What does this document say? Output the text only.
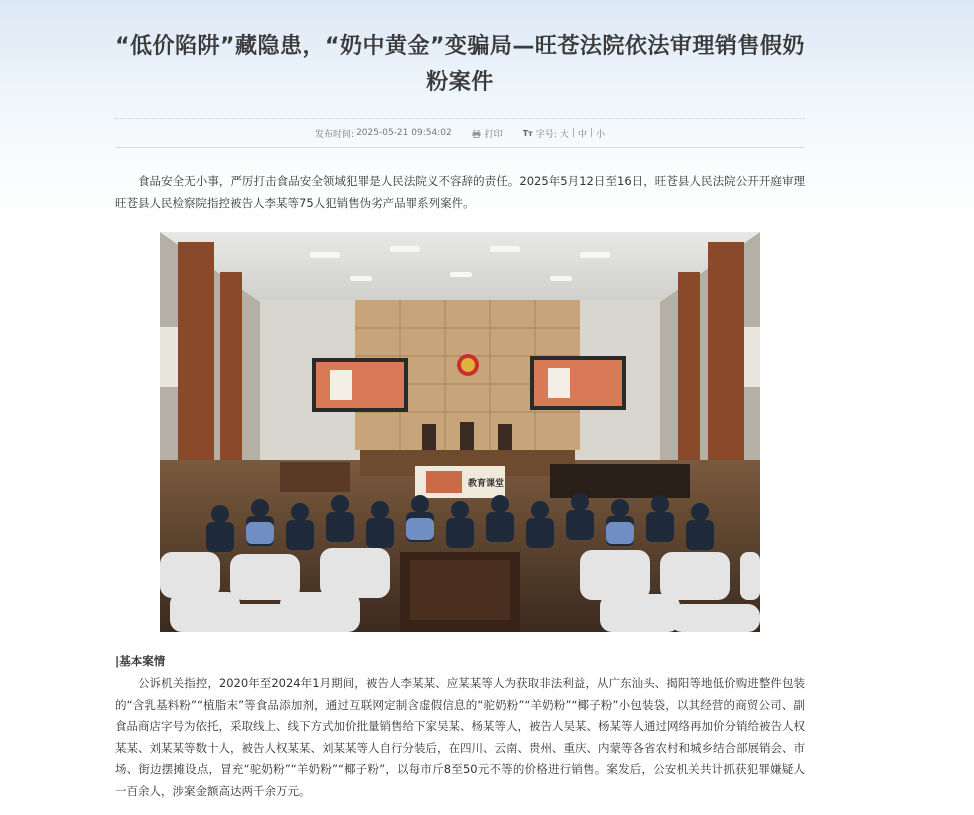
“低价陷阱”藏隐患，“奶中黄金”变骗局—旺苍法院依法审理销售假奶粉案件
发布时间: 2025-05-21 09:54:02	打印	Tт 字号: 大 | 中 | 小

食品安全无小事，严厉打击食品安全领域犯罪是人民法院义不容辞的责任。2025年5月12日至16日，旺苍县人民法院公开开庭审理旺苍县人民检察院指控被告人李某等75人犯销售伪劣产品罪系列案件。

教育课堂
|基本案情

公诉机关指控，2020年至2024年1月期间，被告人李某某、应某某等人为获取非法利益，从广东汕头、揭阳等地低价购进整件包装的“含乳基料粉”“植脂末”等食品添加剂，通过互联网定制含虚假信息的“驼奶粉”“羊奶粉”“椰子粉”小包装袋，以其经营的商贸公司、副食品商店字号为依托，采取线上、线下方式加价批量销售给下家吴某、杨某等人，被告人吴某、杨某等人通过网络再加价分销给被告人权某某、刘某某等数十人，被告人权某某、刘某某等人自行分装后，在四川、云南、贵州、重庆、内蒙等各省农村和城乡结合部展销会、市场、街边摆摊设点，冒充“驼奶粉”“羊奶粉”“椰子粉”，以每市斤8至50元不等的价格进行销售。案发后，公安机关共计抓获犯罪嫌疑人一百余人，涉案金额高达两千余万元。
